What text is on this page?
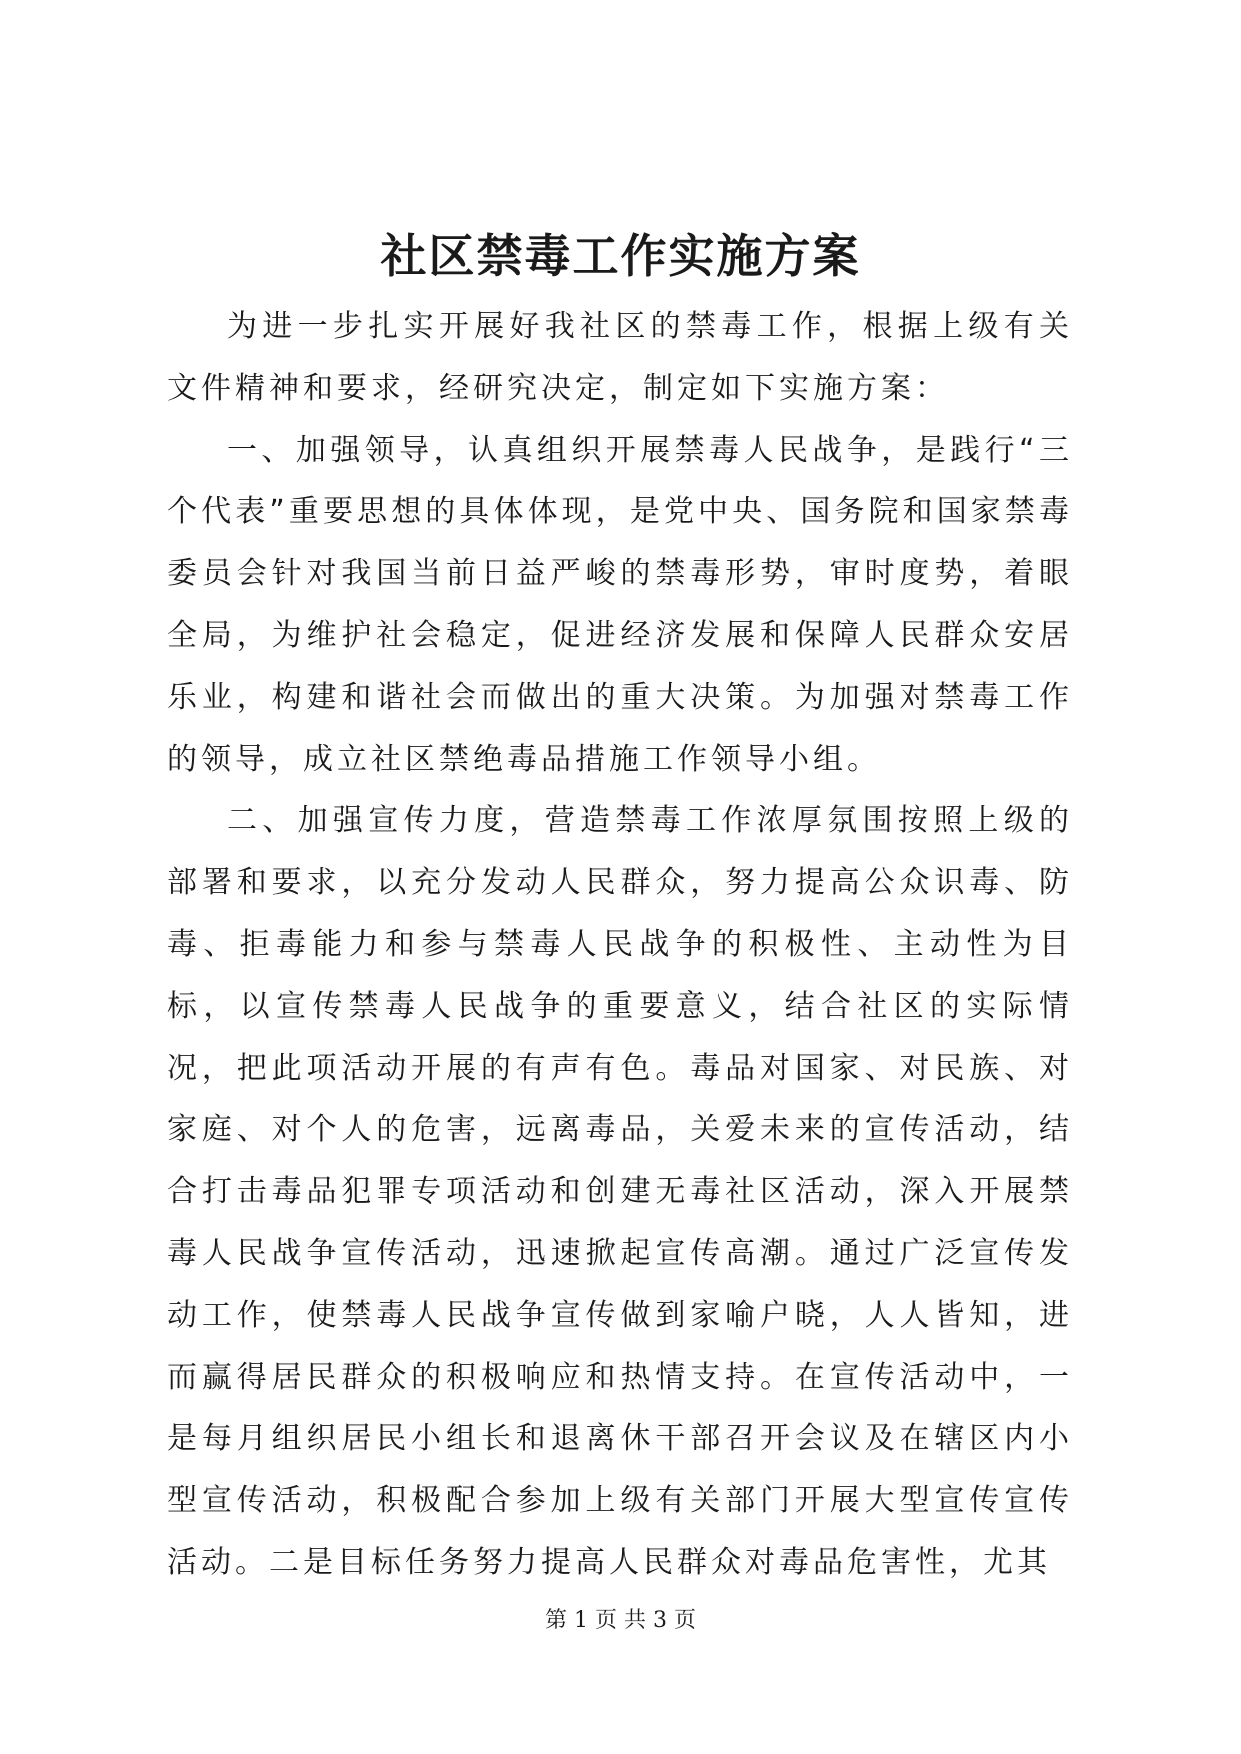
社区禁毒工作实施方案

为进一步扎实开展好我社区的禁毒工作，根据上级有关文件精神和要求，经研究决定，制定如下实施方案：

一、加强领导，认真组织开展禁毒人民战争，是践行“三个代表”重要思想的具体体现，是党中央、国务院和国家禁毒委员会针对我国当前日益严峻的禁毒形势，审时度势，着眼全局，为维护社会稳定，促进经济发展和保障人民群众安居乐业，构建和谐社会而做出的重大决策。为加强对禁毒工作的领导，成立社区禁绝毒品措施工作领导小组。

二、加强宣传力度，营造禁毒工作浓厚氛围按照上级的部署和要求，以充分发动人民群众，努力提高公众识毒、防毒、拒毒能力和参与禁毒人民战争的积极性、主动性为目标，以宣传禁毒人民战争的重要意义，结合社区的实际情况，把此项活动开展的有声有色。毒品对国家、对民族、对家庭、对个人的危害，远离毒品，关爱未来的宣传活动，结合打击毒品犯罪专项活动和创建无毒社区活动，深入开展禁毒人民战争宣传活动，迅速掀起宣传高潮。通过广泛宣传发动工作，使禁毒人民战争宣传做到家喻户晓，人人皆知，进而赢得居民群众的积极响应和热情支持。在宣传活动中，一是每月组织居民小组长和退离休干部召开会议及在辖区内小型宣传活动，积极配合参加上级有关部门开展大型宣传宣传活动。二是目标任务努力提高人民群众对毒品危害性，尤其

第 1 页 共 3 页
